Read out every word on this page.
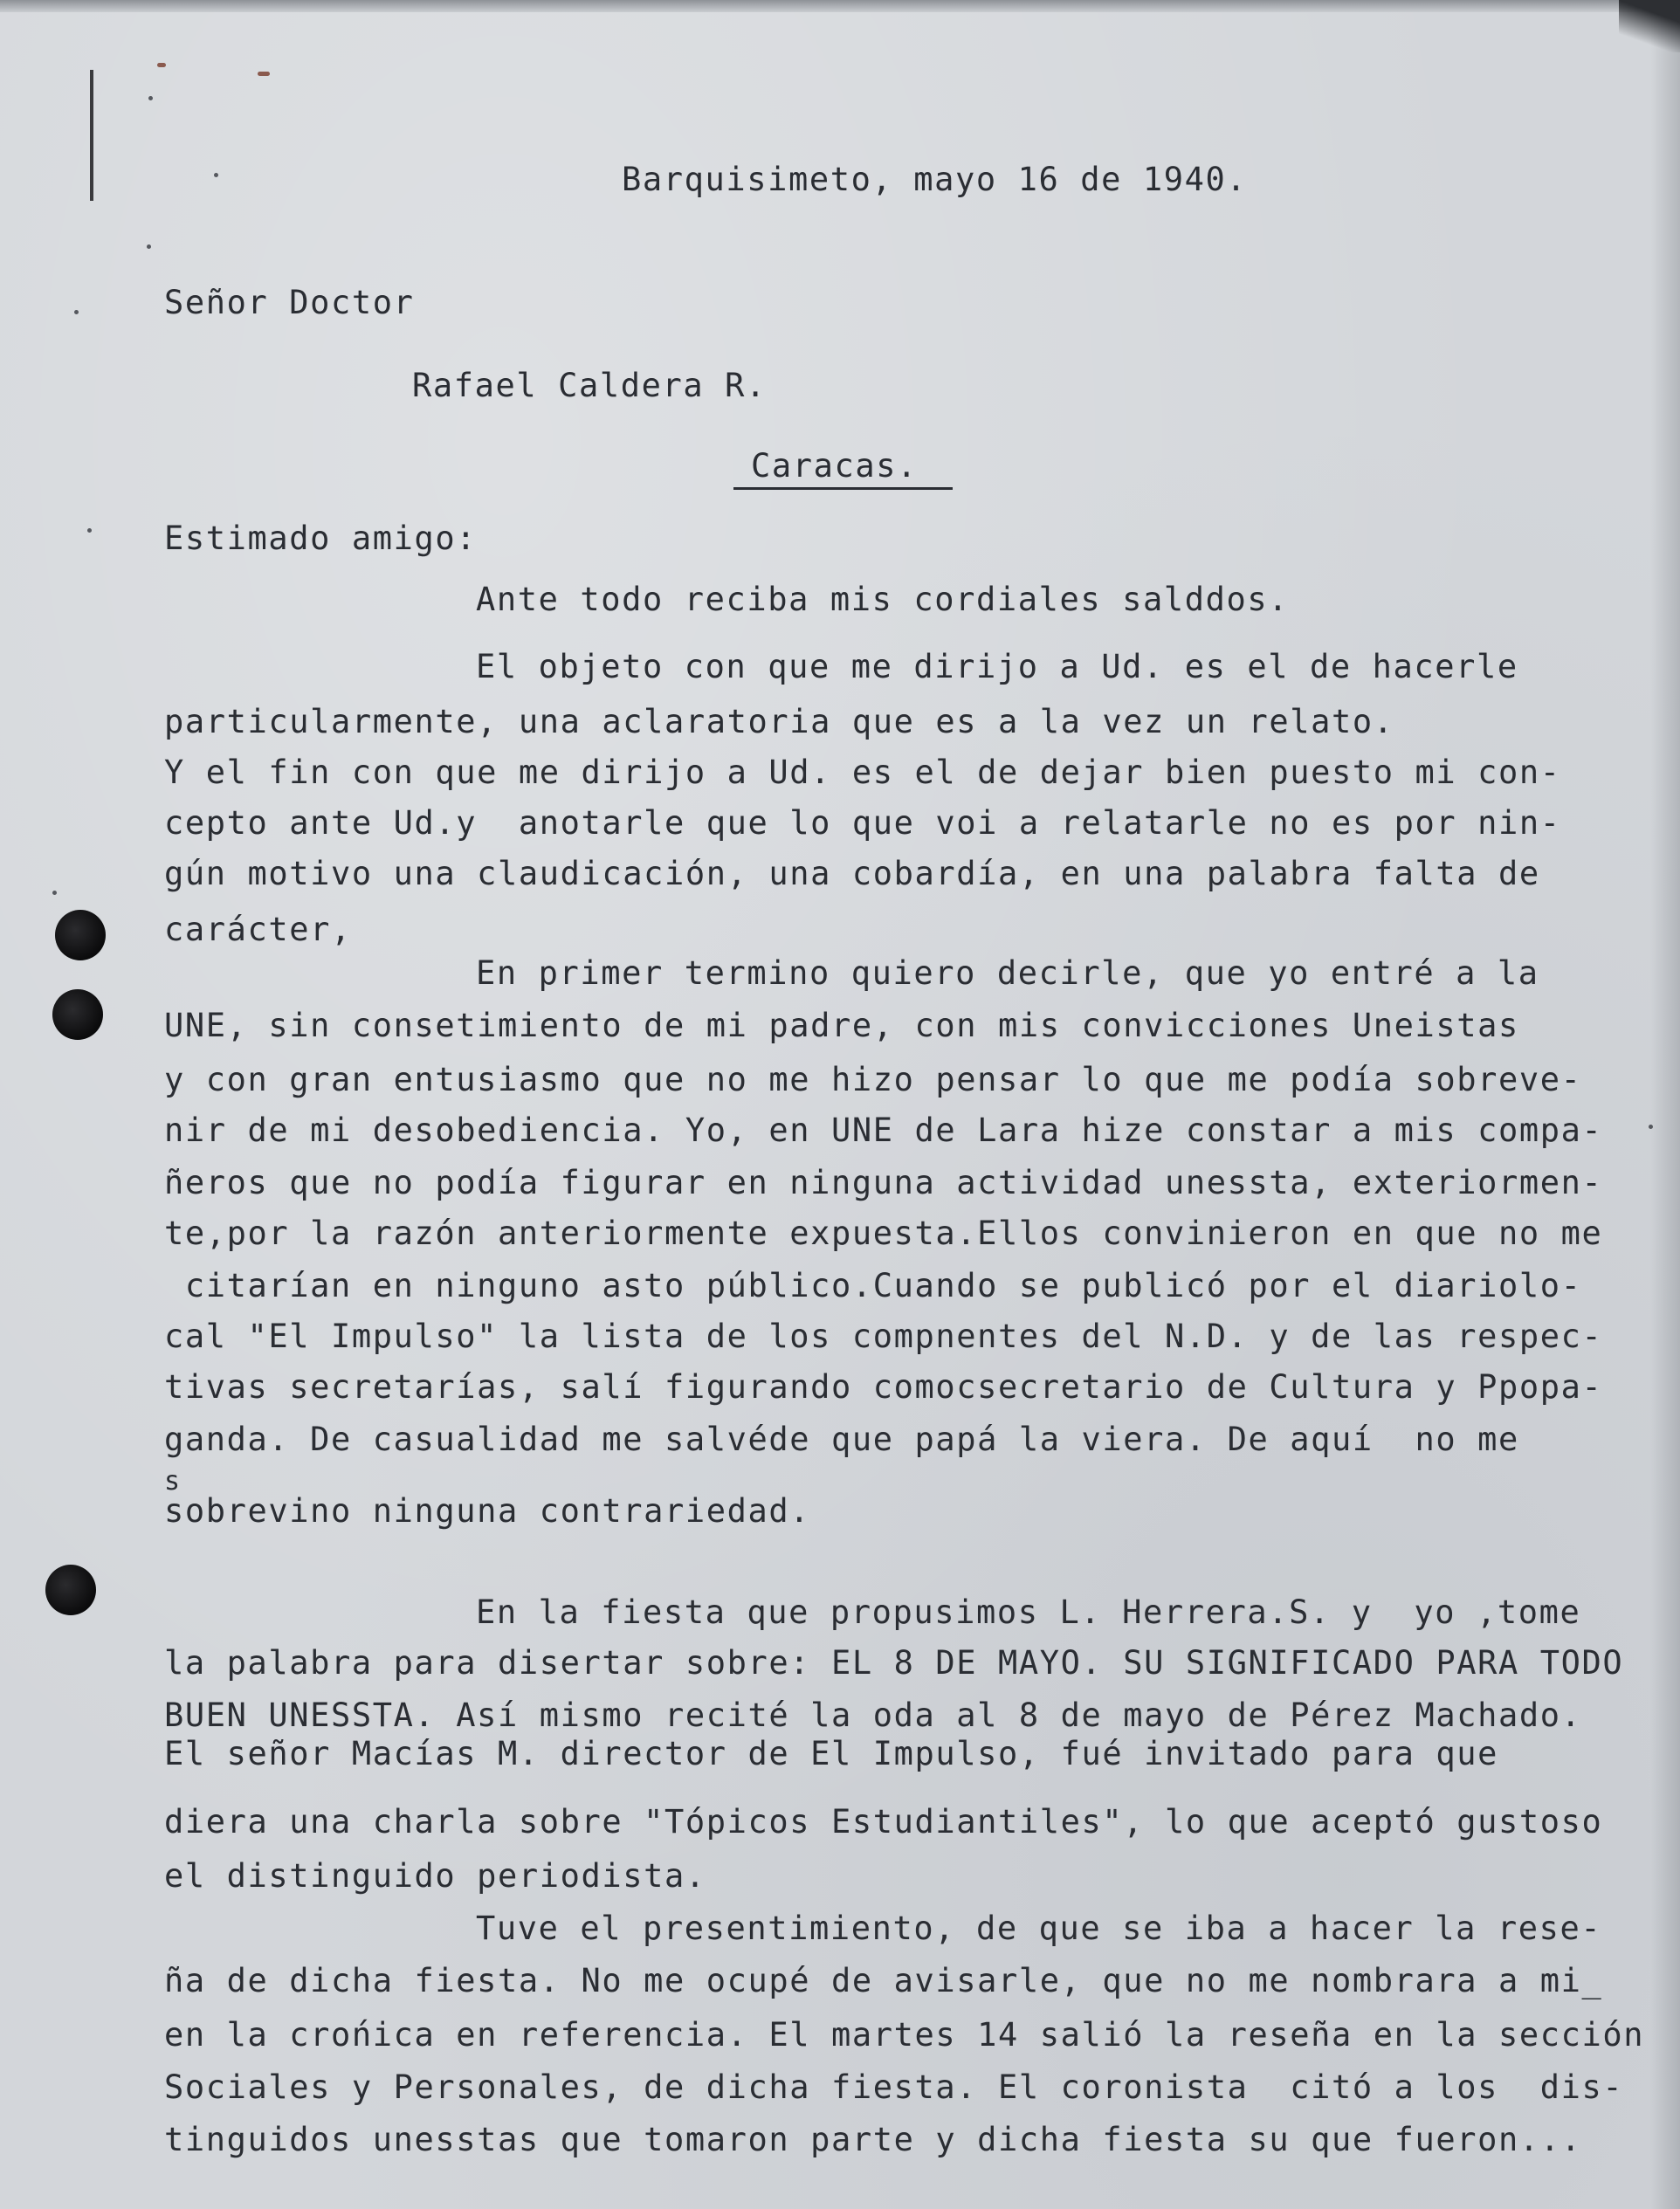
Barquisimeto, mayo 16 de 1940.
Señor Doctor
Rafael Caldera R.
Caracas.
Estimado amigo:
Ante todo reciba mis cordiales saldd​os.
El objeto con que me dirijo a Ud. es el de hacerle
particularmente, una aclaratoria que es a la vez un relato.
Y el fin con que me dirijo a Ud. es el de dejar bien puesto mi con-
cepto ante Ud.y  anotarle que lo que voi a relatarle no es por nin-
gún motivo una claudicación, una cobardía, en una palabra falta de
carácter,
En primer termino quiero decirle, que yo entré a la
UNE, sin consetimiento de mi padre, con mis convicciones Uneistas
y con gran entusiasmo que no me hizo pensar lo que me podía sobreve-
nir de mi desobediencia. Yo, en UNE de Lara hize constar a mis compa-
ñeros que no podía figurar en ninguna actividad unessta, exteriormen-
te,por la razón anteriormente expuesta.Ellos convinieron en que no me
citarían en ninguno asto público.Cuando se publicó por el diariolo-
cal "El Impulso" la lista de los compnentes del N.D. y de las respec-
tivas secretarías, salí figurando comocsecretario de Cultura y Ppopa-
ganda. De casualidad me salvéde que papá la viera. De aquí  no me
s
sobrevino ninguna contrariedad.
En la fiesta que propusimos L. Herrera.S. y  yo ,tome
la palabra para disertar sobre: EL 8 DE MAYO. SU SIGNIFICADO PARA TODO
BUEN UNESSTA. Así mismo recité la oda al 8 de mayo de Pérez Machado.
El señor Macías M. director de El Impulso, fué invitado para que
diera una charla sobre "Tópicos Estudiantiles", lo que aceptó gustoso
el distinguido periodista.
Tuve el presentimiento, de que se iba a hacer la rese-
ña de dicha fiesta. No me ocupé de avisarle, que no me nombrara a mi_
en la crońica en referencia. El martes 14 salió la reseña en la sección
Sociales y Personales, de dicha fiesta. El coronista  citó a los  dis-
tinguidos unesstas que tomaron parte y dicha fiesta su que fueron...
